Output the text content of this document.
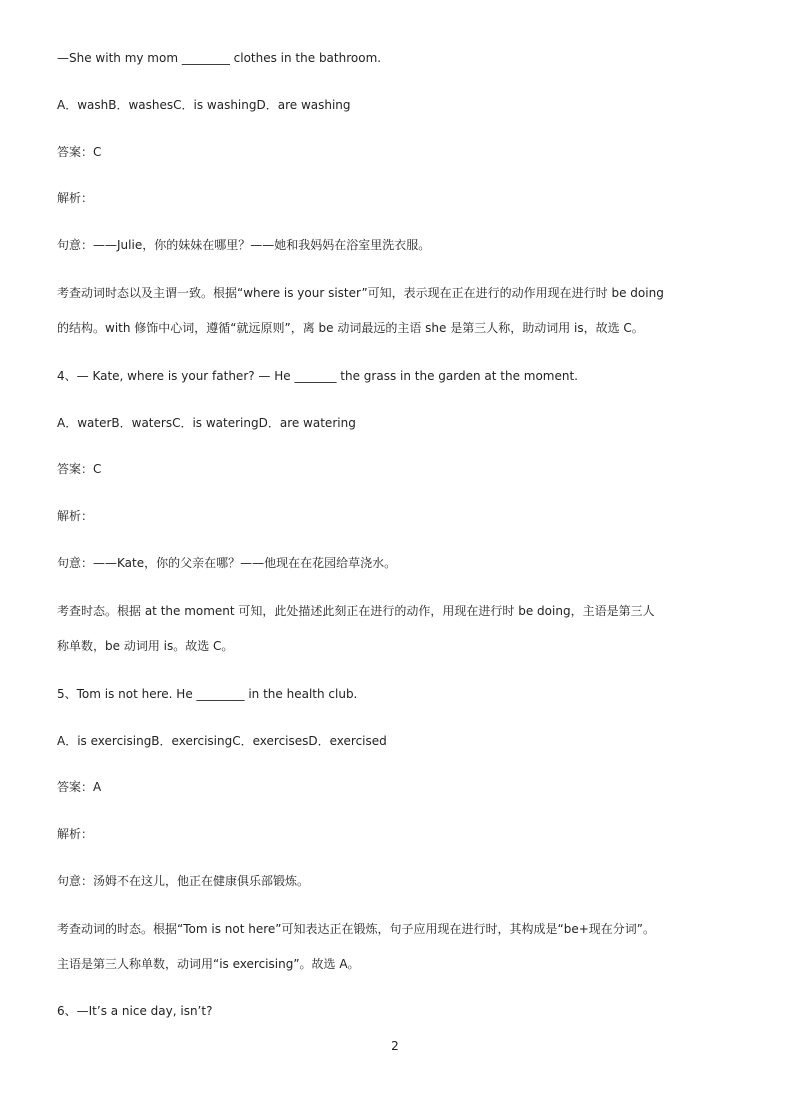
—She with my mom ________ clothes in the bathroom.
A．washB．washesC．is washingD．are washing
答案：C
解析：
句意：——Julie，你的妹妹在哪里？——她和我妈妈在浴室里洗衣服。
考查动词时态以及主谓一致。根据“where is your sister”可知，表示现在正在进行的动作用现在进行时 be doing
的结构。with 修饰中心词，遵循“就远原则”，离 be 动词最远的主语 she 是第三人称，助动词用 is，故选 C。
4、— Kate, where is your father? — He _______ the grass in the garden at the moment.
A．waterB．watersC．is wateringD．are watering
答案：C
解析：
句意：——Kate，你的父亲在哪？——他现在在花园给草浇水。
考查时态。根据 at the moment 可知，此处描述此刻正在进行的动作，用现在进行时 be doing，主语是第三人
称单数，be 动词用 is。故选 C。
5、Tom is not here. He ________ in the health club.
A．is exercisingB．exercisingC．exercisesD．exercised
答案：A
解析：
句意：汤姆不在这儿，他正在健康俱乐部锻炼。
考查动词的时态。根据“Tom is not here”可知表达正在锻炼，句子应用现在进行时，其构成是“be+现在分词”。
主语是第三人称单数，动词用“is exercising”。故选 A。
6、—It’s a nice day, isn’t?
2
